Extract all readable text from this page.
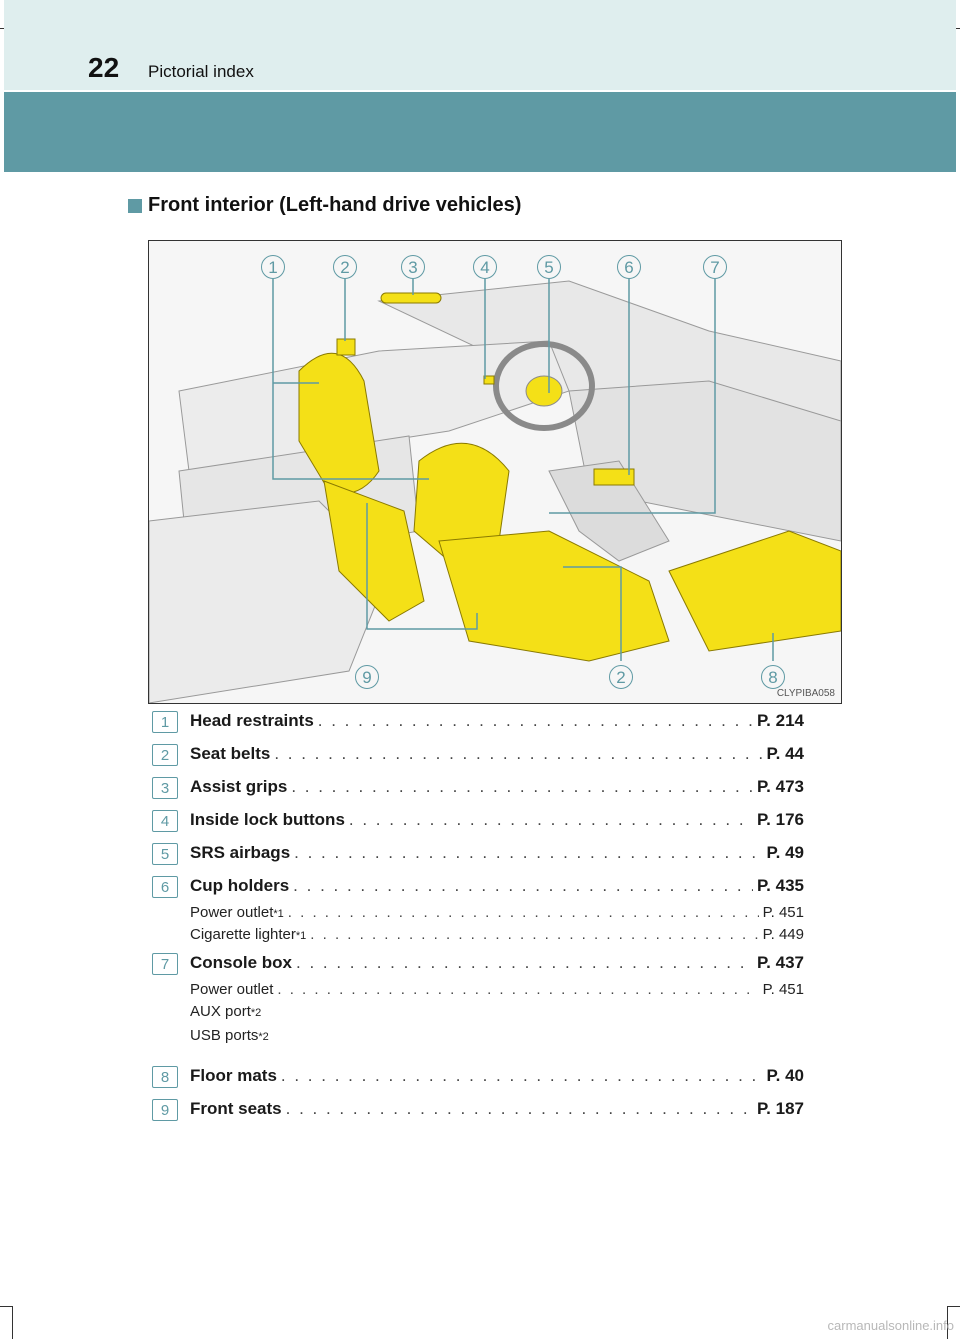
22 Pictorial index
Front interior (Left-hand drive vehicles)
1	2	3	4	5	6	7
9	2	8
CLYPIBA058
1	Head restraints . . .	P. 214
2	Seat belts . . .	P. 44
3	Assist grips . . .	P. 473
4	Inside lock buttons . . .	P. 176
5	SRS airbags . . .	P. 49
6	Cup holders . . .	P. 435
Power outlet *1 . . .	P. 451
Cigarette lighter *1 . . .	P. 449
7	Console box . . .	P. 437
Power outlet . . .	P. 451
AUX port *2
USB ports *2
8	Floor mats . . .	P. 40
9	Front seats . . .	P. 187
carmanualsonline.info
